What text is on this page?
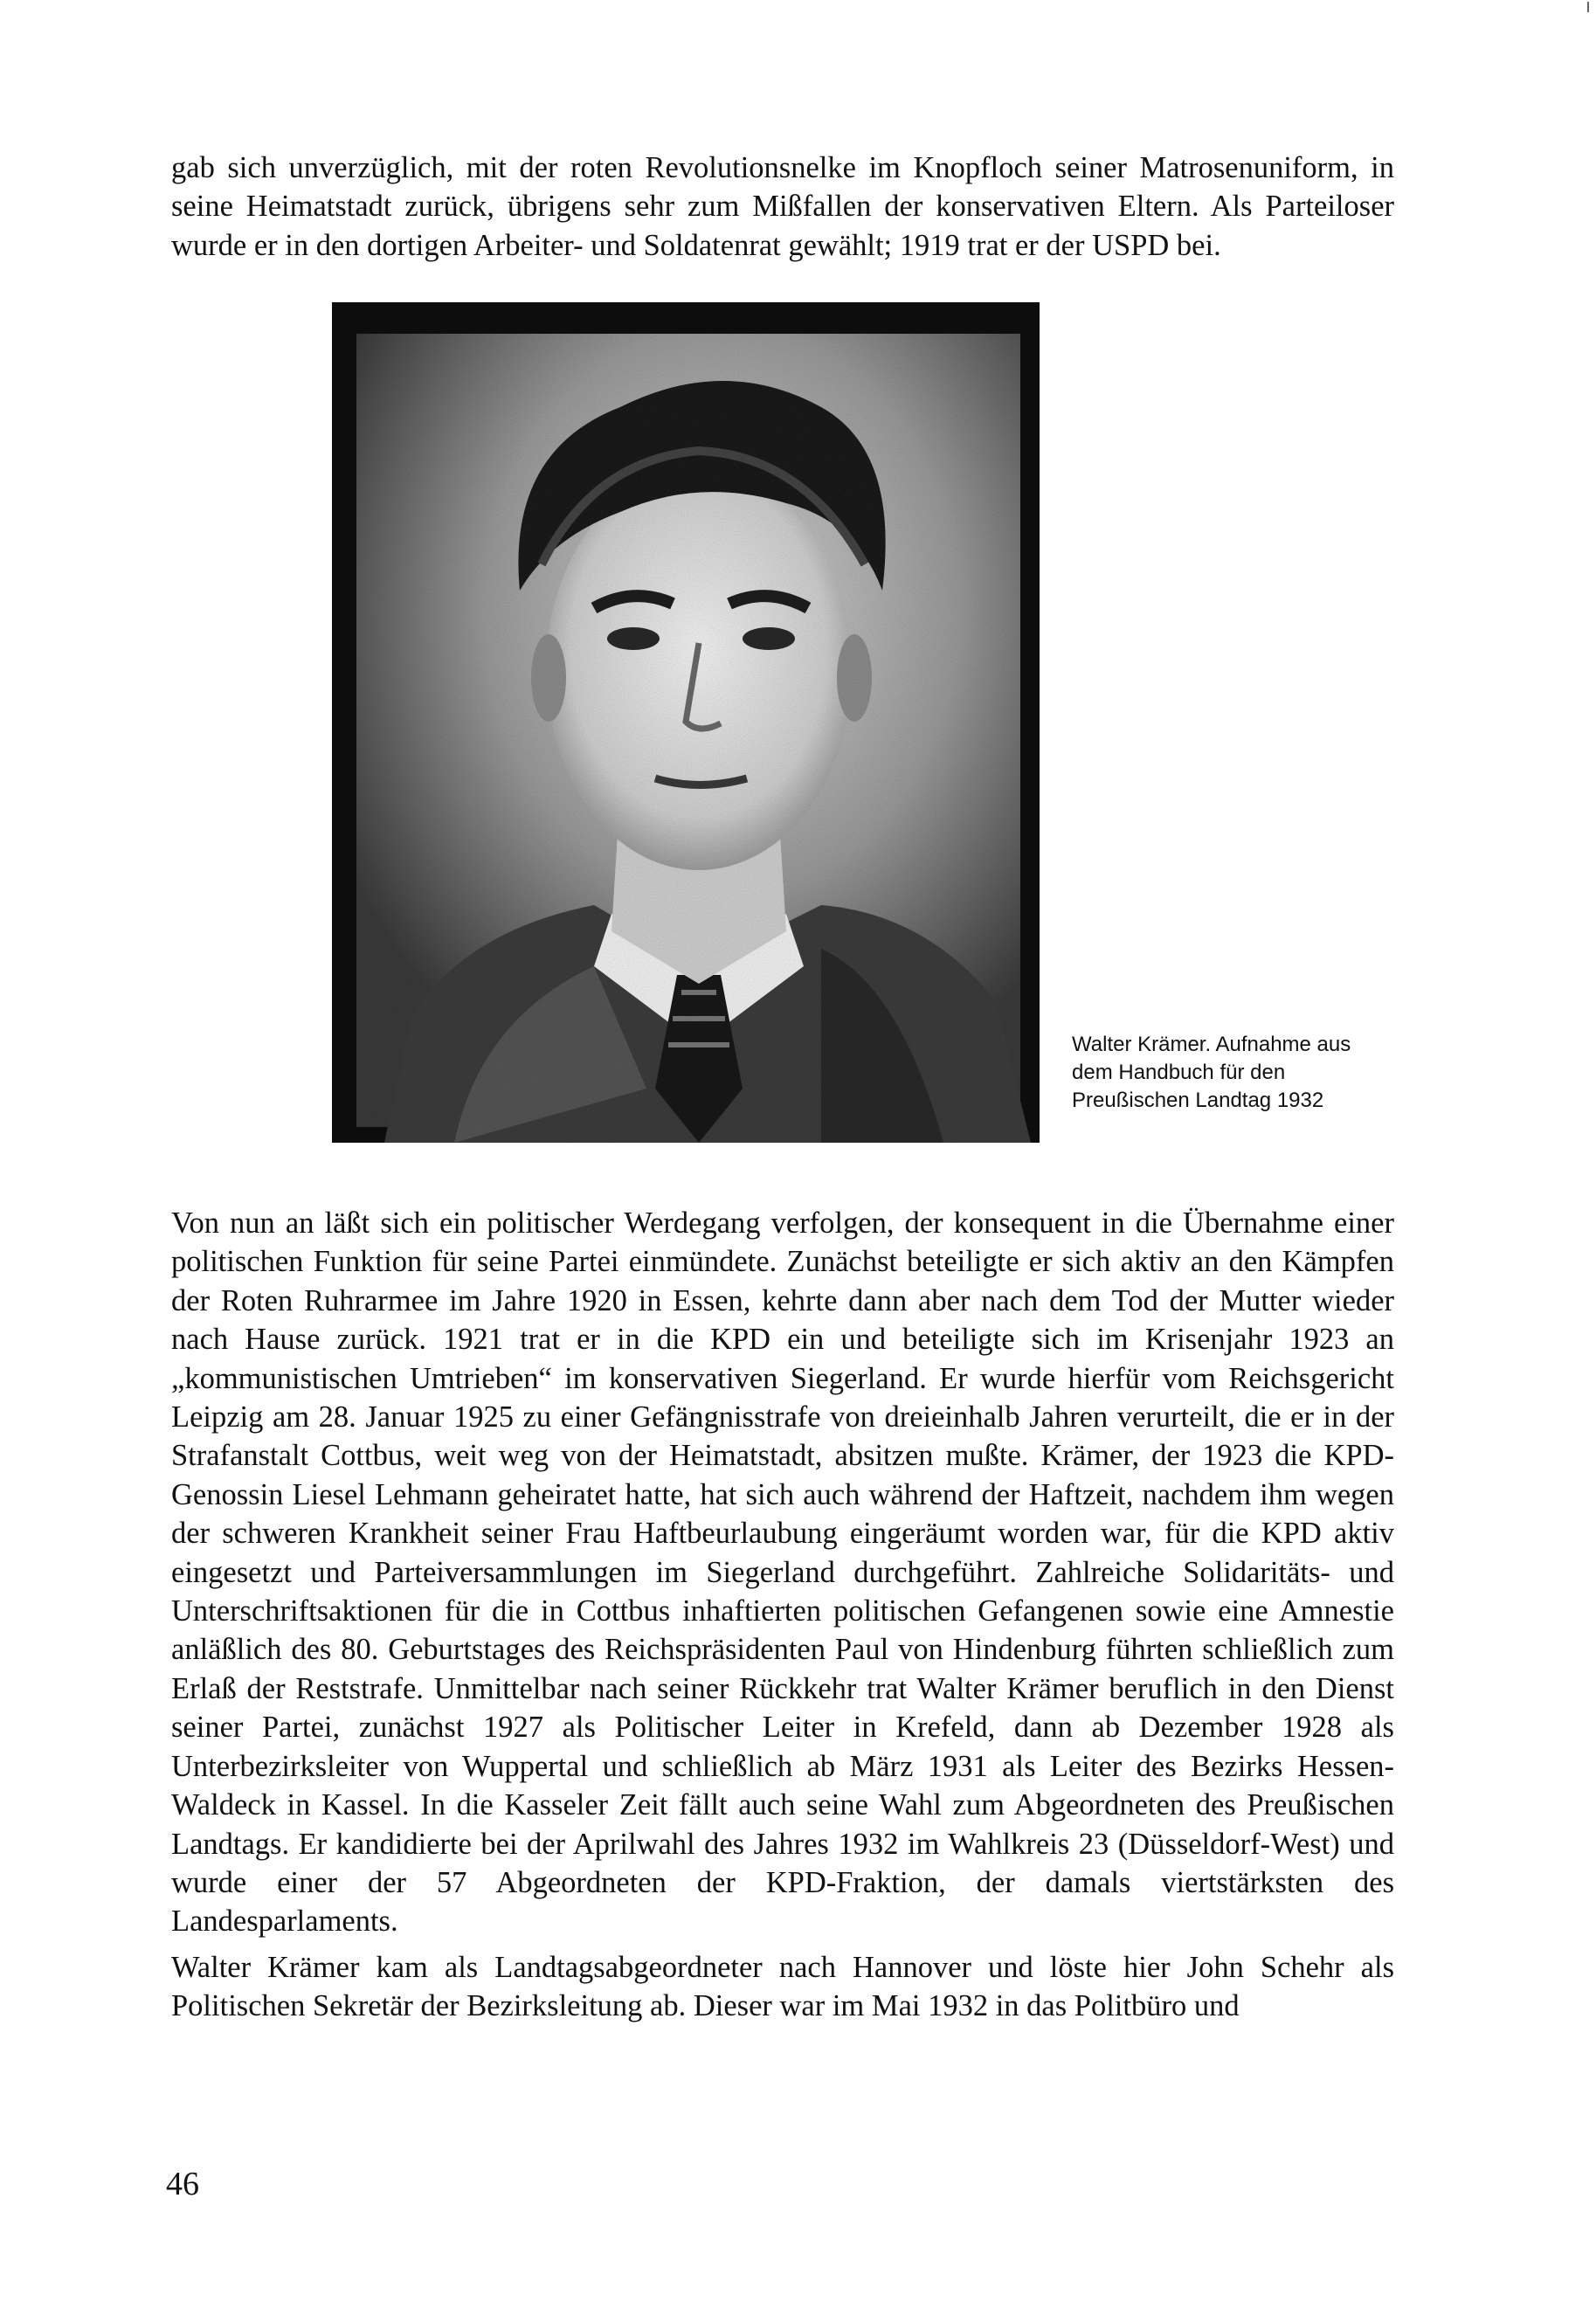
gab sich unverzüglich, mit der roten Revolutionsnelke im Knopfloch seiner Matrosenuniform, in seine Heimatstadt zurück, übrigens sehr zum Mißfallen der konservativen Eltern. Als Parteiloser wurde er in den dortigen Arbeiter- und Soldatenrat gewählt; 1919 trat er der USPD bei.

Walter Krämer. Aufnahme aus dem Handbuch für den Preußischen Landtag 1932

Von nun an läßt sich ein politischer Werdegang verfolgen, der konsequent in die Übernahme einer politischen Funktion für seine Partei einmündete. Zunächst beteiligte er sich aktiv an den Kämpfen der Roten Ruhrarmee im Jahre 1920 in Essen, kehrte dann aber nach dem Tod der Mutter wieder nach Hause zurück. 1921 trat er in die KPD ein und beteiligte sich im Krisenjahr 1923 an „kommunistischen Umtrieben“ im konservativen Siegerland. Er wurde hierfür vom Reichsgericht Leipzig am 28. Januar 1925 zu einer Gefängnisstrafe von dreieinhalb Jahren verurteilt, die er in der Strafanstalt Cottbus, weit weg von der Heimatstadt, absitzen mußte. Krämer, der 1923 die KPD-Genossin Liesel Lehmann geheiratet hatte, hat sich auch während der Haftzeit, nachdem ihm wegen der schweren Krankheit seiner Frau Haftbeurlaubung eingeräumt worden war, für die KPD aktiv eingesetzt und Parteiversammlungen im Siegerland durchgeführt. Zahlreiche Solidaritäts- und Unterschriftsaktionen für die in Cottbus inhaftierten politischen Gefangenen sowie eine Amnestie anläßlich des 80. Geburtstages des Reichspräsidenten Paul von Hindenburg führten schließlich zum Erlaß der Reststrafe. Unmittelbar nach seiner Rückkehr trat Walter Krämer beruflich in den Dienst seiner Partei, zunächst 1927 als Politischer Leiter in Krefeld, dann ab Dezember 1928 als Unterbezirksleiter von Wuppertal und schließlich ab März 1931 als Leiter des Bezirks Hessen-Waldeck in Kassel. In die Kasseler Zeit fällt auch seine Wahl zum Abgeordneten des Preußischen Landtags. Er kandidierte bei der Aprilwahl des Jahres 1932 im Wahlkreis 23 (Düsseldorf-West) und wurde einer der 57 Abgeordneten der KPD-Fraktion, der damals viertstärksten des Landesparlaments.

Walter Krämer kam als Landtagsabgeordneter nach Hannover und löste hier John Schehr als Politischen Sekretär der Bezirksleitung ab. Dieser war im Mai 1932 in das Politbüro und

46
